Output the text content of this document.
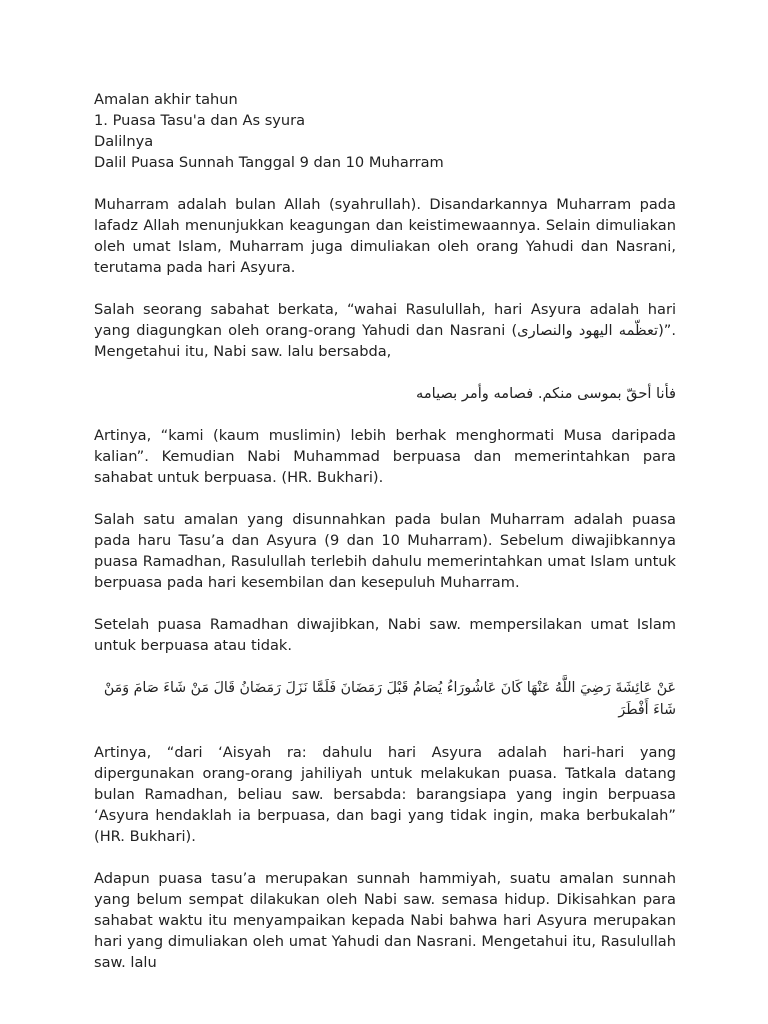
Amalan akhir tahun

1. Puasa Tasu'a dan As syura

Dalilnya

Dalil Puasa Sunnah Tanggal 9 dan 10 Muharram

Muharram adalah bulan Allah (syahrullah). Disandarkannya Muharram pada lafadz Allah menunjukkan keagungan dan keistimewaannya. Selain dimuliakan oleh umat Islam, Muharram juga dimuliakan oleh orang Yahudi dan Nasrani, terutama pada hari Asyura.

Salah seorang sabahat berkata, “wahai Rasulullah, hari Asyura adalah hari yang diagungkan oleh orang-orang Yahudi dan Nasrani (تعظّمه اليهود والنصارى)”. Mengetahui itu, Nabi saw. lalu bersabda,

فأنا أحقّ بموسى منكم. فصامه وأمر بصيامه

Artinya, “kami (kaum muslimin) lebih berhak menghormati Musa daripada kalian”. Kemudian Nabi Muhammad berpuasa dan memerintahkan para sahabat untuk berpuasa. (HR. Bukhari).

Salah satu amalan yang disunnahkan pada bulan Muharram adalah puasa pada haru Tasu’a dan Asyura (9 dan 10 Muharram). Sebelum diwajibkannya puasa Ramadhan, Rasulullah terlebih dahulu memerintahkan umat Islam untuk berpuasa pada hari kesembilan dan kesepuluh Muharram.

Setelah puasa Ramadhan diwajibkan, Nabi saw. mempersilakan umat Islam untuk berpuasa atau tidak.

عَنْ عَائِشَةَ رَضِيَ اللَّهُ عَنْهَا كَانَ عَاشُورَاءُ يُصَامُ قَبْلَ رَمَضَانَ فَلَمَّا نَزَلَ رَمَضَانُ قَالَ مَنْ شَاءَ صَامَ وَمَنْ شَاءَ أَفْطَرَ

Artinya, “dari ‘Aisyah ra: dahulu hari Asyura adalah hari-hari yang dipergunakan orang-orang jahiliyah untuk melakukan puasa. Tatkala datang bulan Ramadhan, beliau saw. bersabda: barangsiapa yang ingin berpuasa ‘Asyura hendaklah ia berpuasa, dan bagi yang tidak ingin, maka berbukalah” (HR. Bukhari).

Adapun puasa tasu’a merupakan sunnah hammiyah, suatu amalan sunnah yang belum sempat dilakukan oleh Nabi saw. semasa hidup. Dikisahkan para sahabat waktu itu menyampaikan kepada Nabi bahwa hari Asyura merupakan hari yang dimuliakan oleh umat Yahudi dan Nasrani. Mengetahui itu, Rasulullah saw. lalu
